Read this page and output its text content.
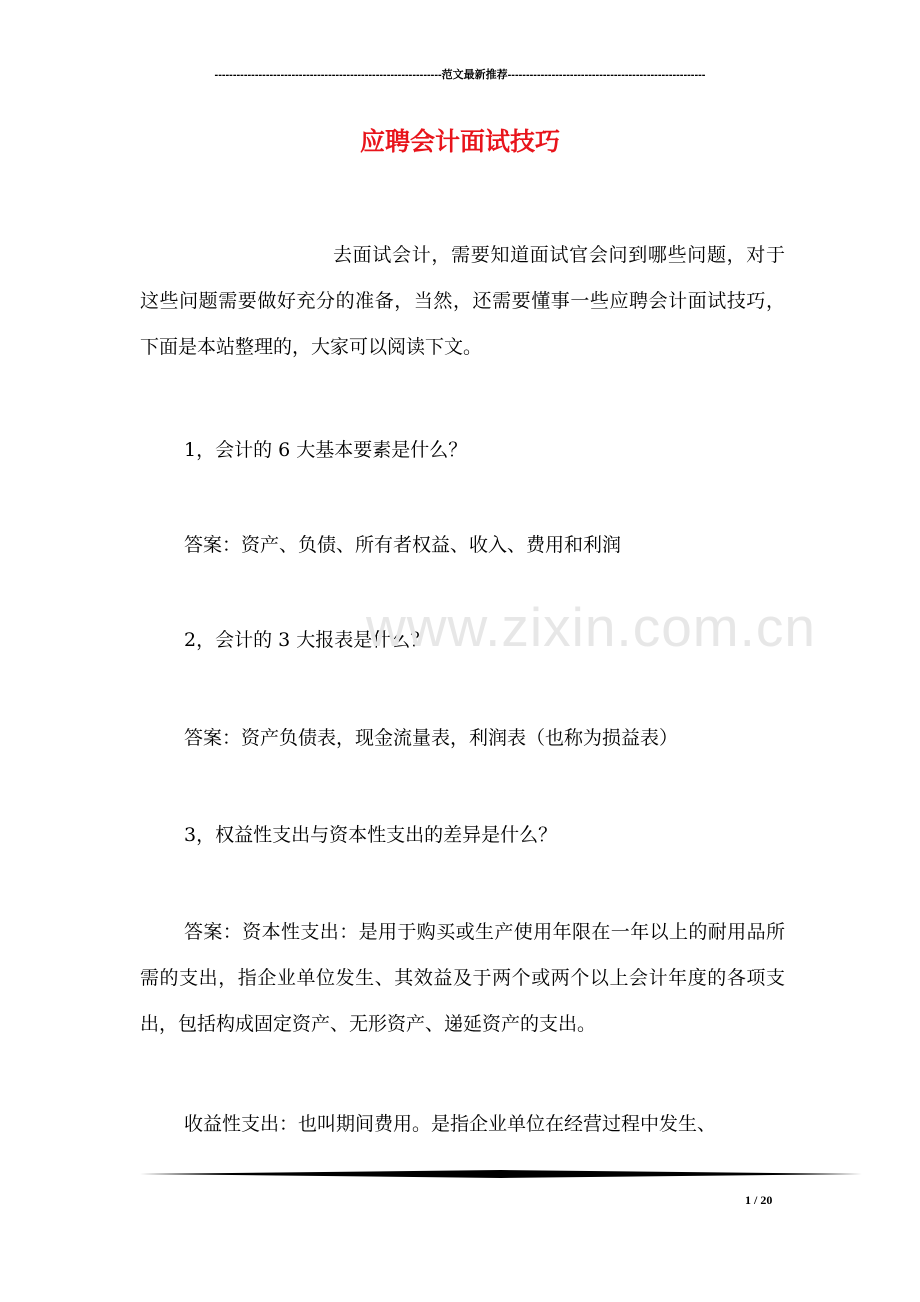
--------------------------------------------------------------范文最新推荐------------------------------------------------------
应聘会计面试技巧

去面试会计，需要知道面试官会问到哪些问题，对于这些问题需要做好充分的准备，当然，还需要懂事一些应聘会计面试技巧，下面是本站整理的，大家可以阅读下文。

1，会计的 6 大基本要素是什么？

答案：资产、负债、所有者权益、收入、费用和利润

2，会计的 3 大报表是什么？

答案：资产负债表，现金流量表，利润表（也称为损益表）

3，权益性支出与资本性支出的差异是什么？

答案：资本性支出：是用于购买或生产使用年限在一年以上的耐用品所需的支出，指企业单位发生、其效益及于两个或两个以上会计年度的各项支出，包括构成固定资产、无形资产、递延资产的支出。

收益性支出：也叫期间费用。是指企业单位在经营过程中发生、

www.zixin.com.cn
1 / 20
